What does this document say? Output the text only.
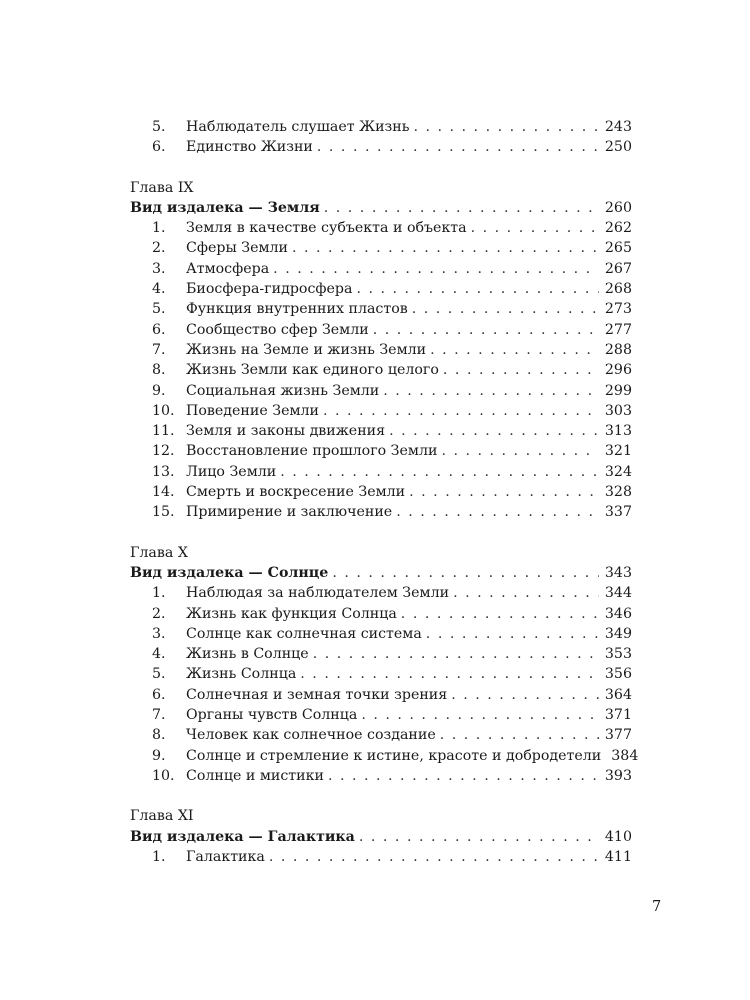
5.	Наблюдатель слушает Жизнь . . .	243
6.	Единство Жизни . . .	250
Глава IX
Вид издалека — Земля . . .	260
1.	Земля в качестве субъекта и объекта . . .	262
2.	Сферы Земли . . .	265
3.	Атмосфера . . .	267
4.	Биосфера-гидросфера . . .	268
5.	Функция внутренних пластов . . .	273
6.	Сообщество сфер Земли . . .	277
7.	Жизнь на Земле и жизнь Земли . . .	288
8.	Жизнь Земли как единого целого . . .	296
9.	Социальная жизнь Земли . . .	299
10. Поведение Земли . . .	303
11. Земля и законы движения . . .	313
12. Восстановление прошлого Земли . . .	321
13. Лицо Земли . . .	324
14. Смерть и воскресение Земли . . .	328
15. Примирение и заключение . . .	337
Глава X
Вид издалека — Солнце . . .	343
1.	Наблюдая за наблюдателем Земли . . .	344
2.	Жизнь как функция Солнца . . .	346
3.	Солнце как солнечная система . . .	349
4.	Жизнь в Солнце . . .	353
5.	Жизнь Солнца . . .	356
6.	Солнечная и земная точки зрения . . .	364
7.	Органы чувств Солнца . . .	371
8.	Человек как солнечное создание . . .	377
9.	Солнце и стремление к истине, красоте и добродетели 384
10. Солнце и мистики . . .	393
Глава XI
Вид издалека — Галактика . . .	410
1.	Галактика . . .	411
7
